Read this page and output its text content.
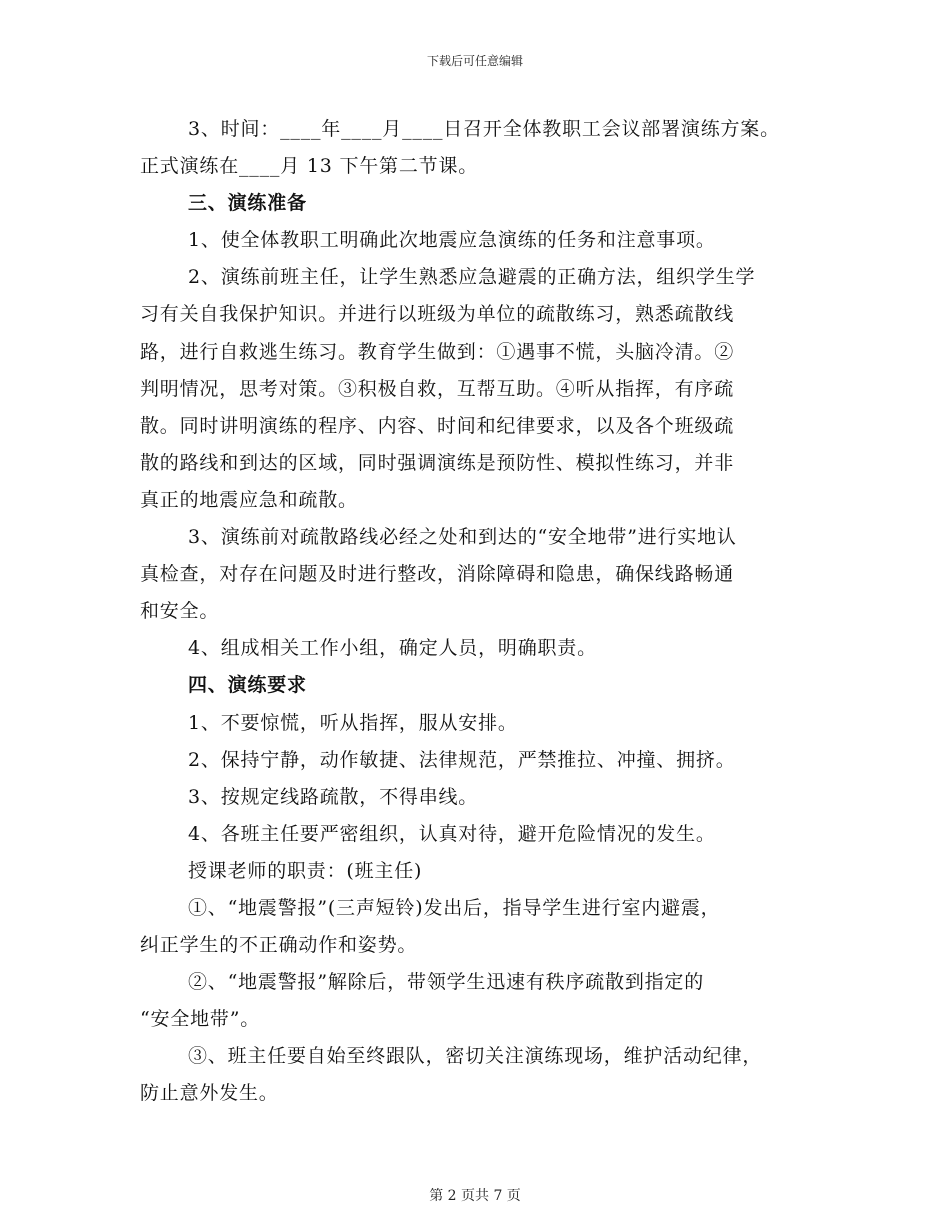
下载后可任意编辑
3、时间：____年____月____日召开全体教职工会议部署演练方案。
正式演练在____月 13 下午第二节课。
三、演练准备
1、使全体教职工明确此次地震应急演练的任务和注意事项。
2、演练前班主任，让学生熟悉应急避震的正确方法，组织学生学
习有关自我保护知识。并进行以班级为单位的疏散练习，熟悉疏散线
路，进行自救逃生练习。教育学生做到：①遇事不慌，头脑冷清。②
判明情况，思考对策。③积极自救，互帮互助。④听从指挥，有序疏
散。同时讲明演练的程序、内容、时间和纪律要求，以及各个班级疏
散的路线和到达的区域，同时强调演练是预防性、模拟性练习，并非
真正的地震应急和疏散。
3、演练前对疏散路线必经之处和到达的“安全地带”进行实地认
真检查，对存在问题及时进行整改，消除障碍和隐患，确保线路畅通
和安全。
4、组成相关工作小组，确定人员，明确职责。
四、演练要求
1、不要惊慌，听从指挥，服从安排。
2、保持宁静，动作敏捷、法律规范，严禁推拉、冲撞、拥挤。
3、按规定线路疏散，不得串线。
4、各班主任要严密组织，认真对待，避开危险情况的发生。
授课老师的职责：(班主任)
①、“地震警报”(三声短铃)发出后，指导学生进行室内避震，
纠正学生的不正确动作和姿势。
②、“地震警报”解除后，带领学生迅速有秩序疏散到指定的
“安全地带”。
③、班主任要自始至终跟队，密切关注演练现场，维护活动纪律，
防止意外发生。
第 2 页共 7 页
